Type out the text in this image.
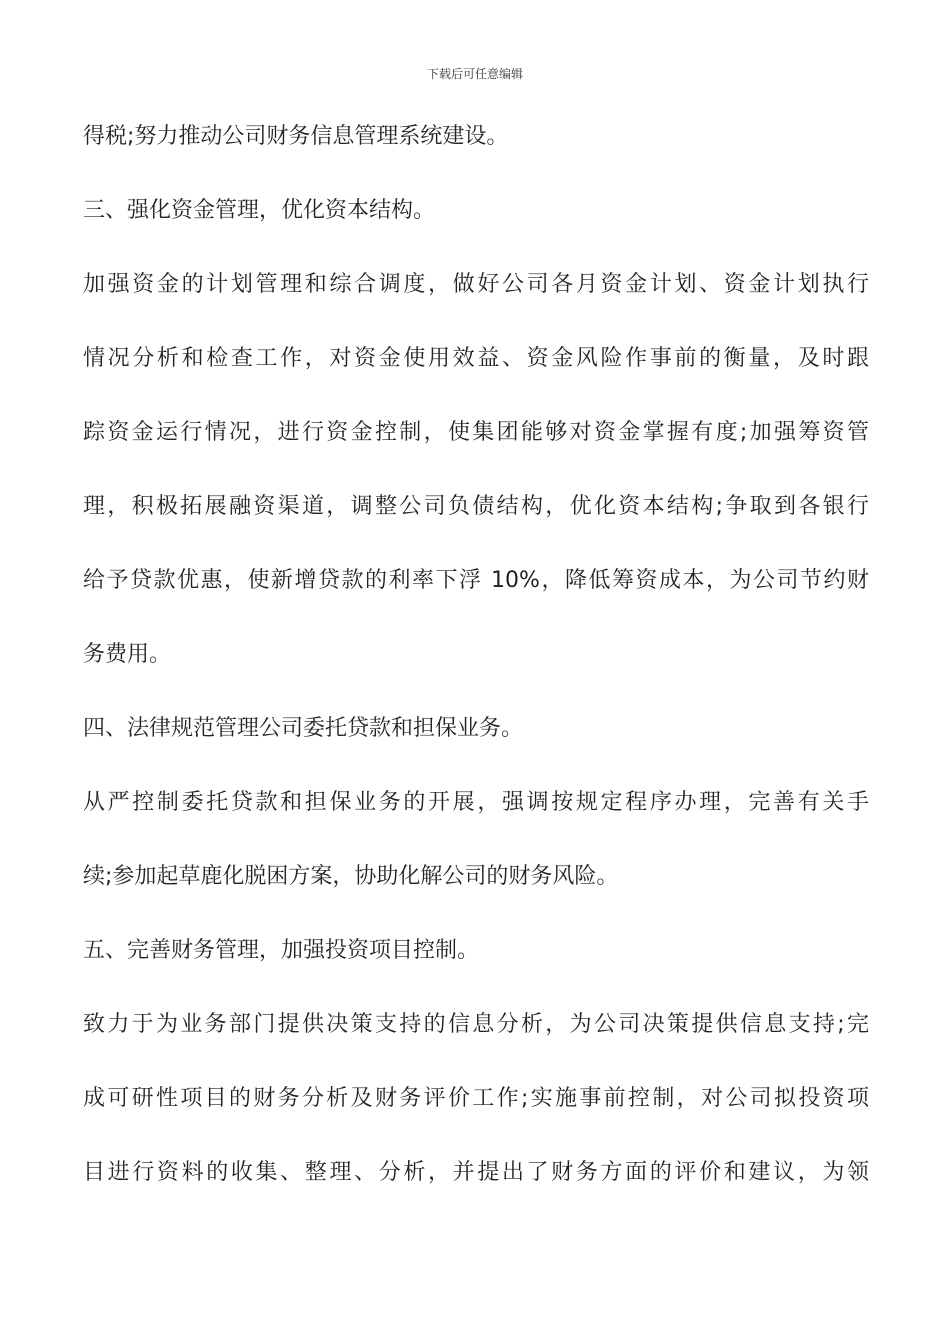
下载后可任意编辑
得税;努力推动公司财务信息管理系统建设。
三、强化资金管理，优化资本结构。
加强资金的计划管理和综合调度，做好公司各月资金计划、资金计划执行
情况分析和检查工作，对资金使用效益、资金风险作事前的衡量，及时跟
踪资金运行情况，进行资金控制，使集团能够对资金掌握有度;加强筹资管
理，积极拓展融资渠道，调整公司负债结构，优化资本结构;争取到各银行
给予贷款优惠，使新增贷款的利率下浮 10%，降低筹资成本，为公司节约财
务费用。
四、法律规范管理公司委托贷款和担保业务。
从严控制委托贷款和担保业务的开展，强调按规定程序办理，完善有关手
续;参加起草鹿化脱困方案，协助化解公司的财务风险。
五、完善财务管理，加强投资项目控制。
致力于为业务部门提供决策支持的信息分析，为公司决策提供信息支持;完
成可研性项目的财务分析及财务评价工作;实施事前控制，对公司拟投资项
目进行资料的收集、整理、分析，并提出了财务方面的评价和建议，为领
